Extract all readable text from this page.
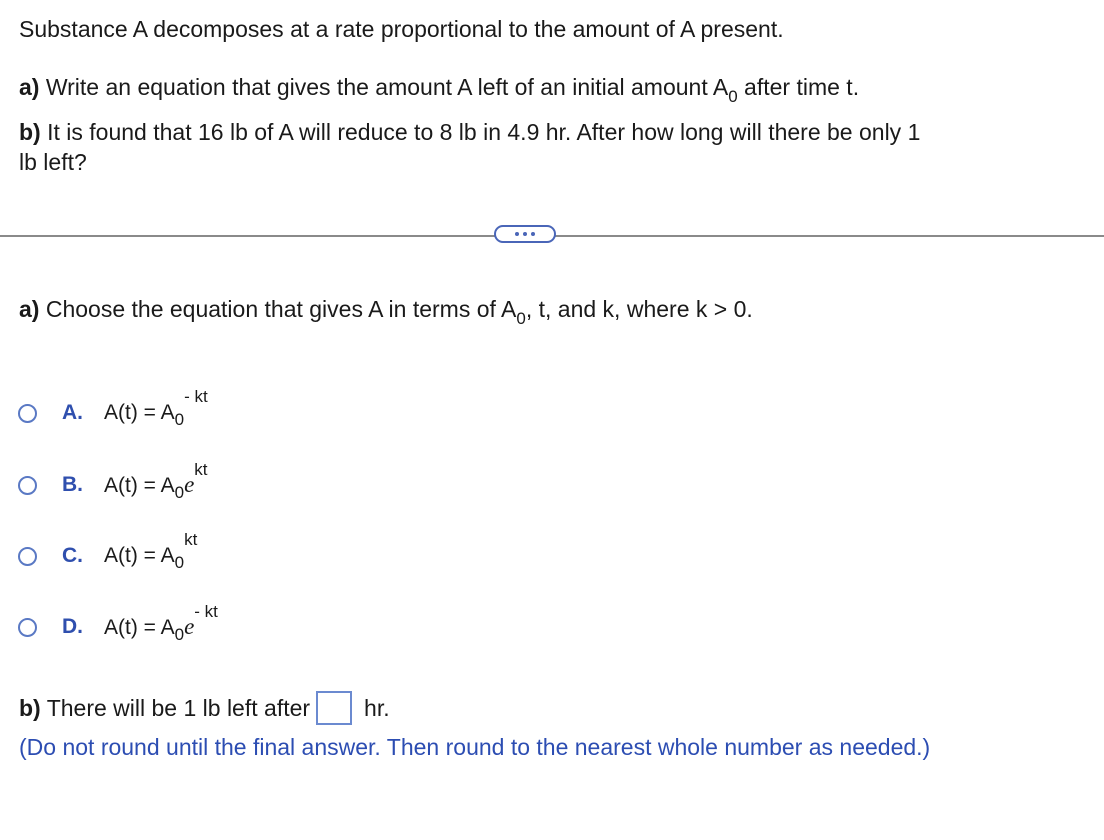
Substance A decomposes at a rate proportional to the amount of A present.
a) Write an equation that gives the amount A left of an initial amount $A_0$ after time t.
b) It is found that 16 lb of A will reduce to 8 lb in 4.9 hr. After how long will there be only 1
lb left?
a) Choose the equation that gives A in terms of $A_0$, t, and k, where k > 0.
A. $A(t) = A_0^{- kt}$
B. $A(t) = A_0e^{kt}$
C. $A(t) = A_0^{kt}$
D. $A(t) = A_0e^{- kt}$
b) There will be 1 lb left after hr.
(Do not round until the final answer. Then round to the nearest whole number as needed.)
